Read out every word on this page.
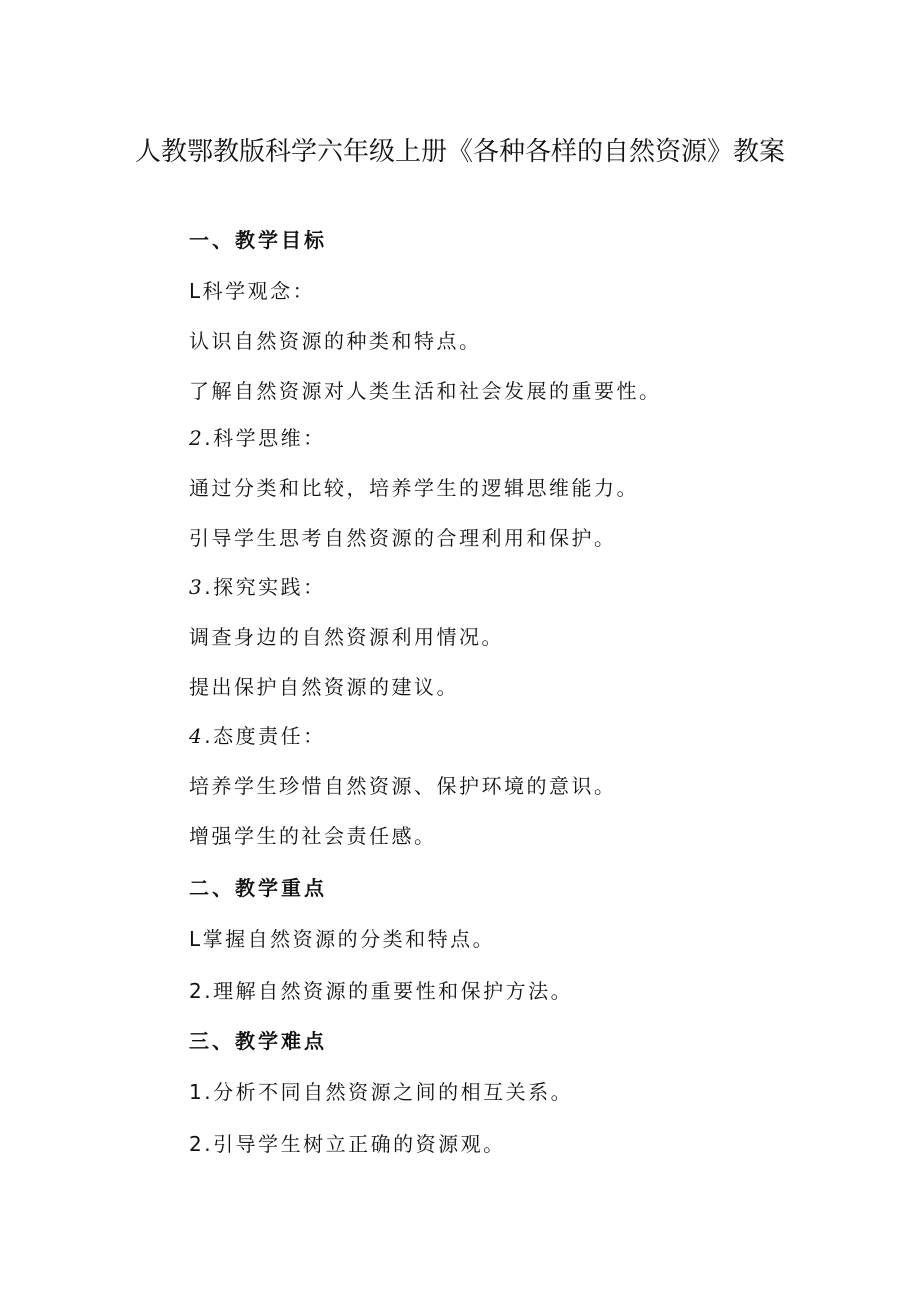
人教鄂教版科学六年级上册《各种各样的自然资源》教案
一、教学目标
L科学观念：
认识自然资源的种类和特点。
了解自然资源对人类生活和社会发展的重要性。
2.科学思维：
通过分类和比较，培养学生的逻辑思维能力。
引导学生思考自然资源的合理利用和保护。
3.探究实践：
调查身边的自然资源利用情况。
提出保护自然资源的建议。
4.态度责任：
培养学生珍惜自然资源、保护环境的意识。
增强学生的社会责任感。
二、教学重点
L掌握自然资源的分类和特点。
2.理解自然资源的重要性和保护方法。
三、教学难点
1.分析不同自然资源之间的相互关系。
2.引导学生树立正确的资源观。
